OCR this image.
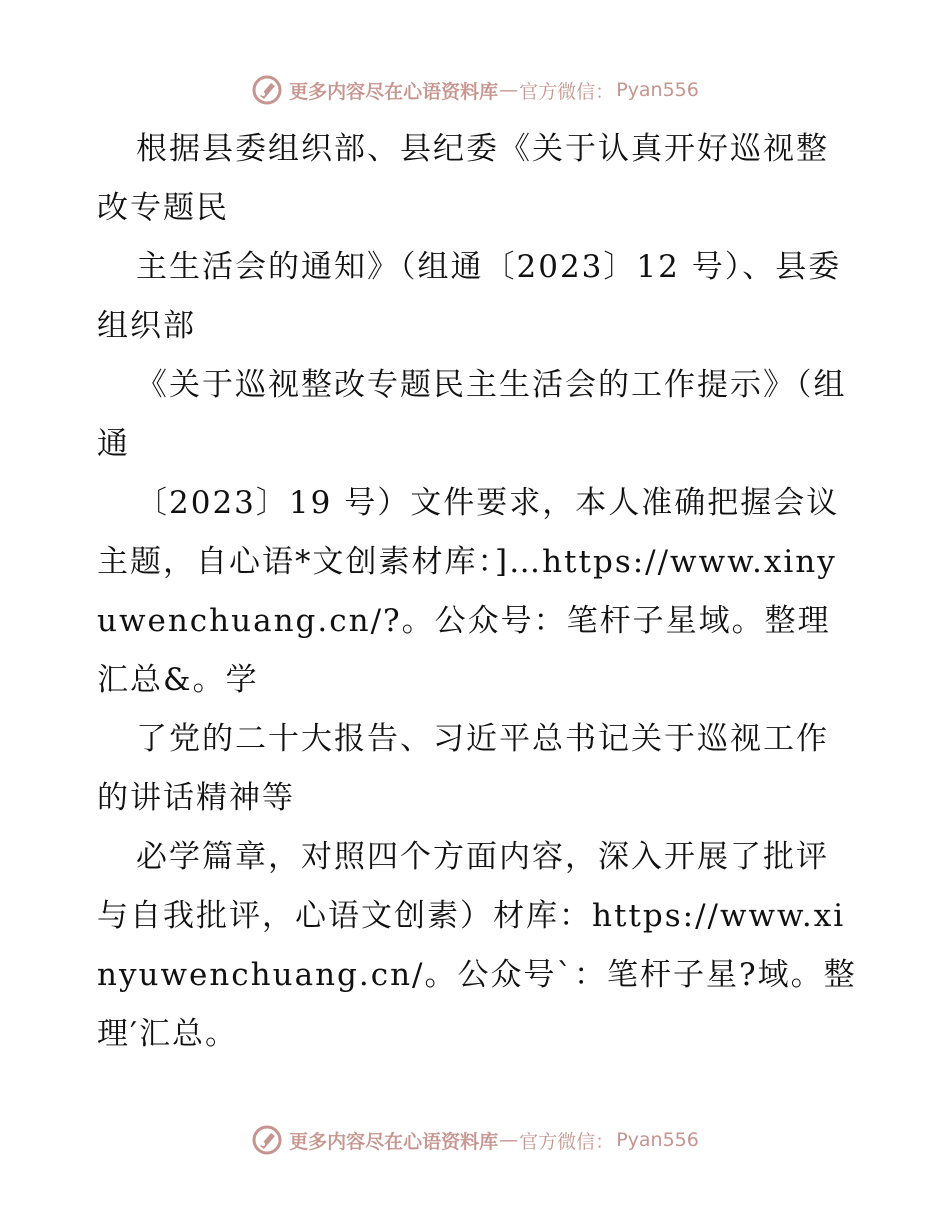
更多内容尽在心语资料库 — 官方微信： Pyan556

根据县委组织部、县纪委《关于认真开好巡视整改专题民

主生活会的通知》（组通〔2023〕12 号）、县委组织部

《关于巡视整改专题民主生活会的工作提示》（组通

〔2023〕19 号）文件要求，本人准确把握会议主题，自心语*文创素材库：]…https://www.xinyuwenchuang.cn/?。公众号：笔杆子星域。整理汇总&。学

了党的二十大报告、习近平总书记关于巡视工作的讲话精神等

必学篇章，对照四个方面内容，深入开展了批评与自我批评，心语文创素）材库：https://www.xinyuwenchuang.cn/。公众号`：笔杆子星?域。整理′汇总。

更多内容尽在心语资料库 — 官方微信： Pyan556
